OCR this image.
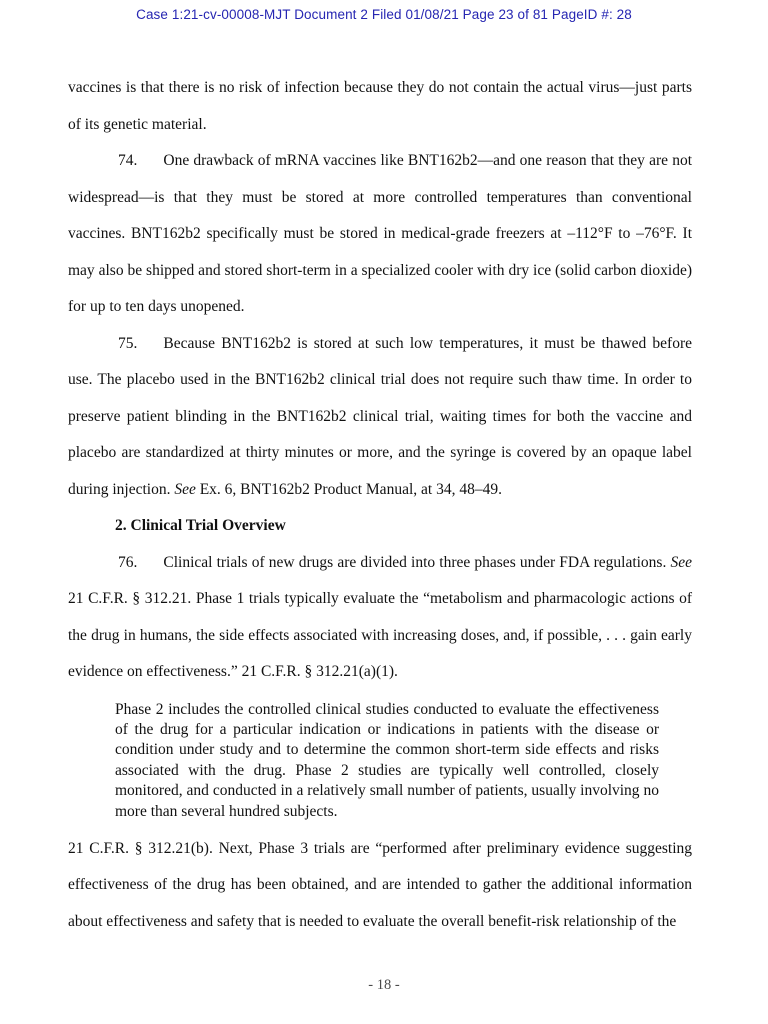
Case 1:21-cv-00008-MJT Document 2 Filed 01/08/21 Page 23 of 81 PageID #: 28

vaccines is that there is no risk of infection because they do not contain the actual virus—just parts of its genetic material.

74. One drawback of mRNA vaccines like BNT162b2—and one reason that they are not widespread—is that they must be stored at more controlled temperatures than conventional vaccines. BNT162b2 specifically must be stored in medical-grade freezers at –112°F to –76°F. It may also be shipped and stored short-term in a specialized cooler with dry ice (solid carbon dioxide) for up to ten days unopened.

75. Because BNT162b2 is stored at such low temperatures, it must be thawed before use. The placebo used in the BNT162b2 clinical trial does not require such thaw time. In order to preserve patient blinding in the BNT162b2 clinical trial, waiting times for both the vaccine and placebo are standardized at thirty minutes or more, and the syringe is covered by an opaque label during injection. See Ex. 6, BNT162b2 Product Manual, at 34, 48–49.

2. Clinical Trial Overview

76. Clinical trials of new drugs are divided into three phases under FDA regulations. See 21 C.F.R. § 312.21. Phase 1 trials typically evaluate the “metabolism and pharmacologic actions of the drug in humans, the side effects associated with increasing doses, and, if possible, . . . gain early evidence on effectiveness.” 21 C.F.R. § 312.21(a)(1).

Phase 2 includes the controlled clinical studies conducted to evaluate the effectiveness of the drug for a particular indication or indications in patients with the disease or condition under study and to determine the common short-term side effects and risks associated with the drug. Phase 2 studies are typically well controlled, closely monitored, and conducted in a relatively small number of patients, usually involving no more than several hundred subjects.

21 C.F.R. § 312.21(b). Next, Phase 3 trials are “performed after preliminary evidence suggesting effectiveness of the drug has been obtained, and are intended to gather the additional information about effectiveness and safety that is needed to evaluate the overall benefit-risk relationship of the

- 18 -
